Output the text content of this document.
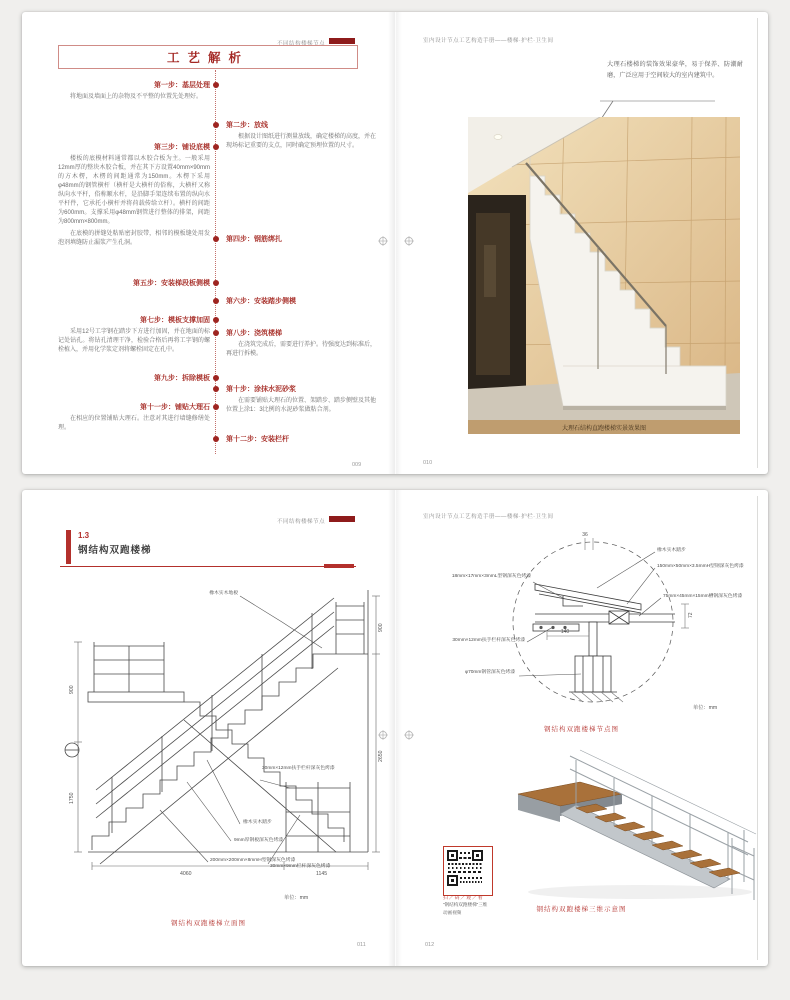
不同结构楼梯节点
工艺解析
第一步：基层处理

将地面及墙面上的杂物及不平整的位置先处理好。

第二步：放线

根据设计图纸进行测量放线，确定楼梯的高度，并在现场标记重要的支点，同时确定预埋位置的尺寸。

第三步：铺设底模

楼板的底模材料通常都以木胶合板为主。一般采用12mm厚的整块木胶合板，并在其下方设置40mm×90mm的方木楞，木楞的间距通常为150mm。木楞下采用φ48mm的钢管横杆（横杆是大横杆的俗称，大横杆又称纵向水平杆，俗称顺水杆，是沿脚手架连续布置的纵向水平杆件，它承托小横杆并将荷载传给立杆）。横杆的间距为600mm。支撑采用φ48mm钢管进行整体的排架，间距为800mm×800mm。

在底模的拼缝处粘贴密封胶带，相邻的模板缝处用发泡剂填缝防止漏浆产生孔洞。	第四步：钢筋绑扎
第五步：安装梯段板侧模
第六步：安装踏步侧模
第七步：模板支撑加固

采用12号工字钢在踏步下方进行加固，并在地面的标记处钻孔。将钻孔清理干净，检验合格后再将工字钢的螺栓植入，并用化学浆定剂将螺栓固定在孔中。

第八步：浇筑楼梯

在浇筑完成后，需要进行养护。待强度达到标准后，再进行拆模。

第九步：拆除模板
第十步：涂抹水泥砂浆

在需要铺贴大理石的位置、架踏步、踏步侧壁及其他位置上涂1：3比例的水泥砂浆做粘合剂。

第十一步：铺贴大理石

在相应的位置铺贴大理石。注意对其进行墙缝修缮处理。

第十二步：安装栏杆
009
室内设计节点工艺构造手册——楼梯·护栏·卫生间
大理石楼梯的装饰效果豪华，易于保养、防潮耐磨，广泛应用于空间较大的室内建筑中。
大理石结构直跑楼梯实景效果图
010
不同结构楼梯节点
1.3
钢结构双跑楼梯
900
1750
4060	1145
900
2650
橡木实木地板
橡木实木踏步
9mm厚钢板深灰色烤漆
200mm×200mm×8mmH型钢深灰色烤漆
30mm×12mm扶手栏杆深灰色烤漆
30mm×9mm栏杆深灰色烤漆
单位：mm
钢结构双跑楼梯立面图
011
室内设计节点工艺构造手册——楼梯·护栏·卫生间
36
140
72
橡木实木踏步
150mm×50mm×3.5mmH型钢深灰色烤漆
75mm×45mm×15mm槽钢深灰色烤漆
18mm×17mm×3mmL型钢深灰色烤漆
30mm×12mm扶手栏杆深灰色烤漆
φ70mm钢管深灰色烤漆
单位：mm
钢结构双跑楼梯节点图
扫／码／观／看
“钢结构双跑楼梯”三维
动画视频	钢结构双跑楼梯三维示意图
012
